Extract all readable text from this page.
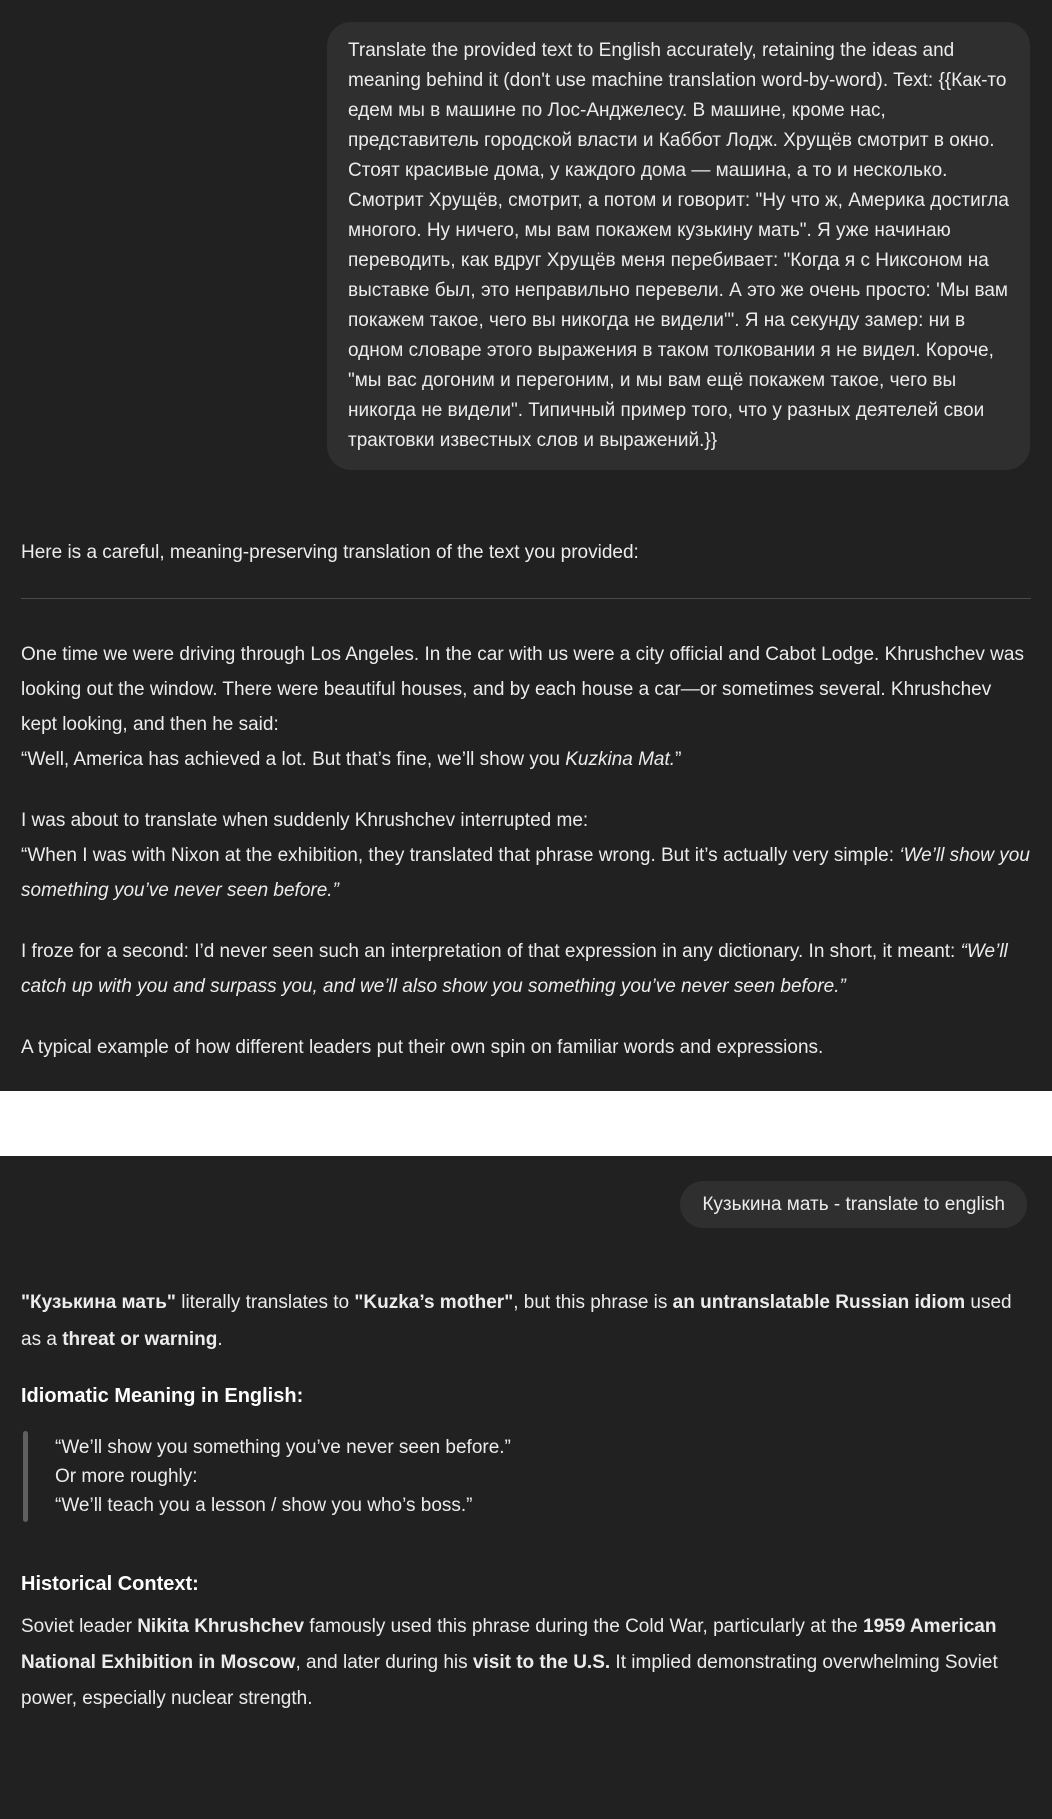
Translate the provided text to English accurately, retaining the ideas and meaning behind it (don't use machine translation word-by-word). Text: {{Как-то едем мы в машине по Лос-Анджелесу. В машине, кроме нас, представитель городской власти и Каббот Лодж. Хрущёв смотрит в окно. Стоят красивые дома, у каждого дома — машина, а то и несколько. Смотрит Хрущёв, смотрит, а потом и говорит: "Ну что ж, Америка достигла многого. Ну ничего, мы вам покажем кузькину мать". Я уже начинаю переводить, как вдруг Хрущёв меня перебивает: "Когда я с Никсоном на выставке был, это неправильно перевели. А это же очень просто: 'Мы вам покажем такое, чего вы никогда не видели'". Я на секунду замер: ни в одном словаре этого выражения в таком толковании я не видел. Короче, "мы вас догоним и перегоним, и мы вам ещё покажем такое, чего вы никогда не видели". Типичный пример того, что у разных деятелей свои трактовки известных слов и выражений.}}

Here is a careful, meaning-preserving translation of the text you provided:

One time we were driving through Los Angeles. In the car with us were a city official and Cabot Lodge. Khrushchev was looking out the window. There were beautiful houses, and by each house a car—or sometimes several. Khrushchev kept looking, and then he said:
“Well, America has achieved a lot. But that’s fine, we’ll show you Kuzkina Mat.”

I was about to translate when suddenly Khrushchev interrupted me:
“When I was with Nixon at the exhibition, they translated that phrase wrong. But it’s actually very simple: ‘We’ll show you something you’ve never seen before.”

I froze for a second: I’d never seen such an interpretation of that expression in any dictionary. In short, it meant: “We’ll catch up with you and surpass you, and we’ll also show you something you’ve never seen before.”

A typical example of how different leaders put their own spin on familiar words and expressions.

Кузькина мать - translate to english

"Кузькина мать" literally translates to "Kuzka’s mother", but this phrase is an untranslatable Russian idiom used as a threat or warning.

Idiomatic Meaning in English:
“We’ll show you something you’ve never seen before.”
Or more roughly:
“We’ll teach you a lesson / show you who’s boss.”
Historical Context:

Soviet leader Nikita Khrushchev famously used this phrase during the Cold War, particularly at the 1959 American National Exhibition in Moscow, and later during his visit to the U.S. It implied demonstrating overwhelming Soviet power, especially nuclear strength.
